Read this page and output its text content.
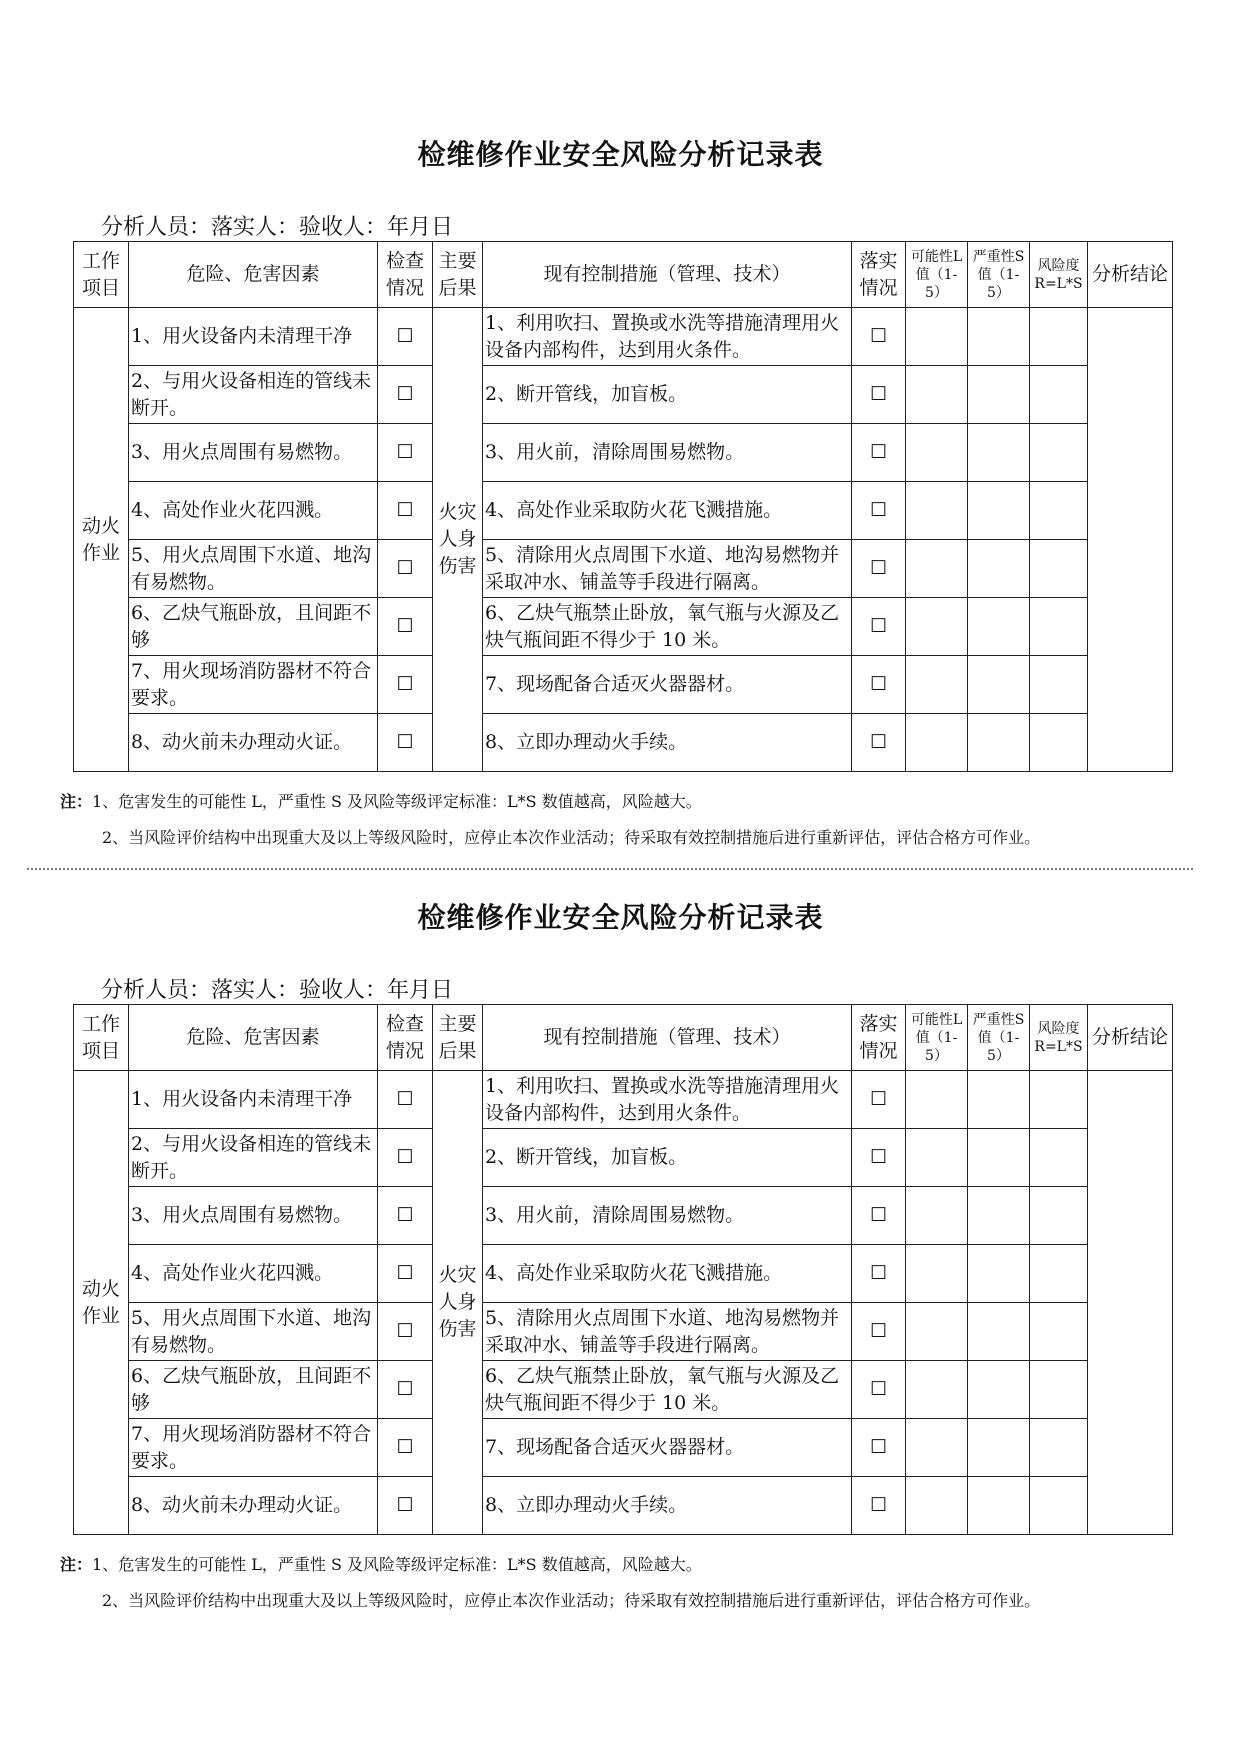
检维修作业安全风险分析记录表
分析人员：落实人：验收人：年月日
工作项目	危险、危害因素	检查情况	主要后果	现有控制措施（管理、技术）	落实情况	可能性L值（1-5）	严重性S值（1-5）	风险度R=L*S	分析结论
动火作业	1、用火设备内未清理干净	☐	火灾人身伤害	1、利用吹扫、置换或水洗等措施清理用火设备内部构件，达到用火条件。	☐				
	2、与用火设备相连的管线未断开。	☐		2、断开管线，加盲板。	☐				
	3、用火点周围有易燃物。	☐		3、用火前，清除周围易燃物。	☐				
	4、高处作业火花四溅。	☐		4、高处作业采取防火花飞溅措施。	☐				
	5、用火点周围下水道、地沟有易燃物。	☐		5、清除用火点周围下水道、地沟易燃物并采取冲水、铺盖等手段进行隔离。	☐				
	6、乙炔气瓶卧放，且间距不够	☐		6、乙炔气瓶禁止卧放，氧气瓶与火源及乙炔气瓶间距不得少于 10 米。	☐				
	7、用火现场消防器材不符合要求。	☐		7、现场配备合适灭火器器材。	☐				
	8、动火前未办理动火证。	☐		8、立即办理动火手续。	☐				
注：1、危害发生的可能性 L，严重性 S 及风险等级评定标准：L*S 数值越高，风险越大。
2、当风险评价结构中出现重大及以上等级风险时，应停止本次作业活动；待采取有效控制措施后进行重新评估，评估合格方可作业。
检维修作业安全风险分析记录表
分析人员：落实人：验收人：年月日
工作项目	危险、危害因素	检查情况	主要后果	现有控制措施（管理、技术）	落实情况	可能性L值（1-5）	严重性S值（1-5）	风险度R=L*S	分析结论
动火作业	1、用火设备内未清理干净	☐	火灾人身伤害	1、利用吹扫、置换或水洗等措施清理用火设备内部构件，达到用火条件。	☐				
	2、与用火设备相连的管线未断开。	☐		2、断开管线，加盲板。	☐				
	3、用火点周围有易燃物。	☐		3、用火前，清除周围易燃物。	☐				
	4、高处作业火花四溅。	☐		4、高处作业采取防火花飞溅措施。	☐				
	5、用火点周围下水道、地沟有易燃物。	☐		5、清除用火点周围下水道、地沟易燃物并采取冲水、铺盖等手段进行隔离。	☐				
	6、乙炔气瓶卧放，且间距不够	☐		6、乙炔气瓶禁止卧放，氧气瓶与火源及乙炔气瓶间距不得少于 10 米。	☐				
	7、用火现场消防器材不符合要求。	☐		7、现场配备合适灭火器器材。	☐				
	8、动火前未办理动火证。	☐		8、立即办理动火手续。	☐				
注：1、危害发生的可能性 L，严重性 S 及风险等级评定标准：L*S 数值越高，风险越大。
2、当风险评价结构中出现重大及以上等级风险时，应停止本次作业活动；待采取有效控制措施后进行重新评估，评估合格方可作业。
